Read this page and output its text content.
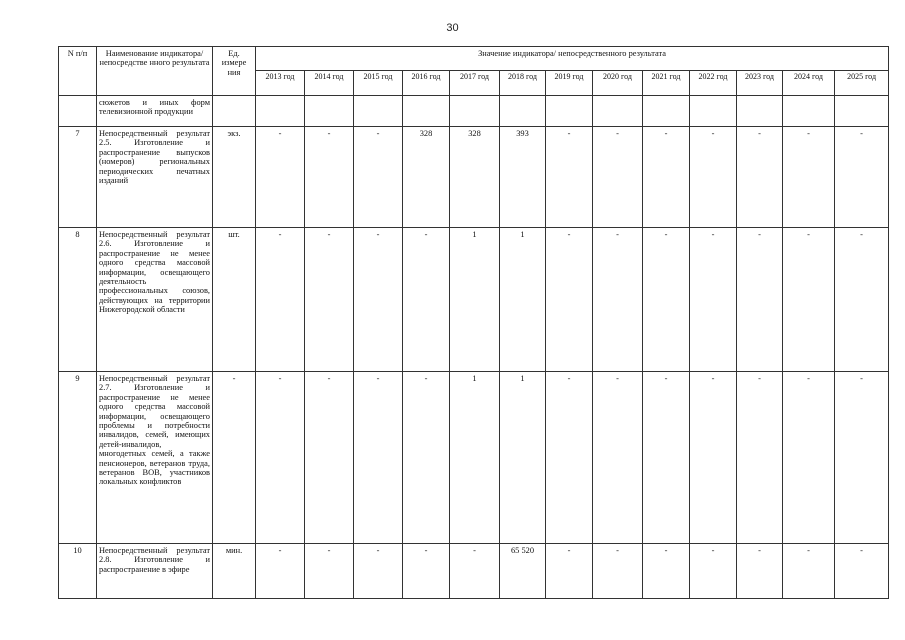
30
N п/п	Наименование индикатора/непосредстве нного результата	Ед. измере ния	Значение индикатора/ непосредственного результата												
			2013 год	2014 год	2015 год	2016 год	2017 год	2018 год	2019 год	2020 год	2021 год	2022 год	2023 год	2024 год	2025 год
	сюжетов и иных форм телевизионной продукции														
7	Непосредственный результат 2.5. Изготовление и распространение выпусков (номеров) региональных периодических печатных изданий	экз.	-	-	-	328	328	393	-	-	-	-	-	-	-
8	Непосредственный результат 2.6. Изготовление и распространение не менее одного средства массовой информации, освещающего деятельность профессиональных союзов, действующих на территории Нижегородской области	шт.	-	-	-	-	1	1	-	-	-	-	-	-	-
9	Непосредственный результат 2.7. Изготовление и распространение не менее одного средства массовой информации, освещающего проблемы и потребности инвалидов, семей, имеющих детей-инвалидов, многодетных семей, а также пенсионеров, ветеранов труда, ветеранов ВОВ, участников локальных конфликтов	-	-	-	-	-	1	1	-	-	-	-	-	-	-
10	Непосредственный результат 2.8. Изготовление и распространение в эфире	мин.	-	-	-	-	-	65 520	-	-	-	-	-	-	-
